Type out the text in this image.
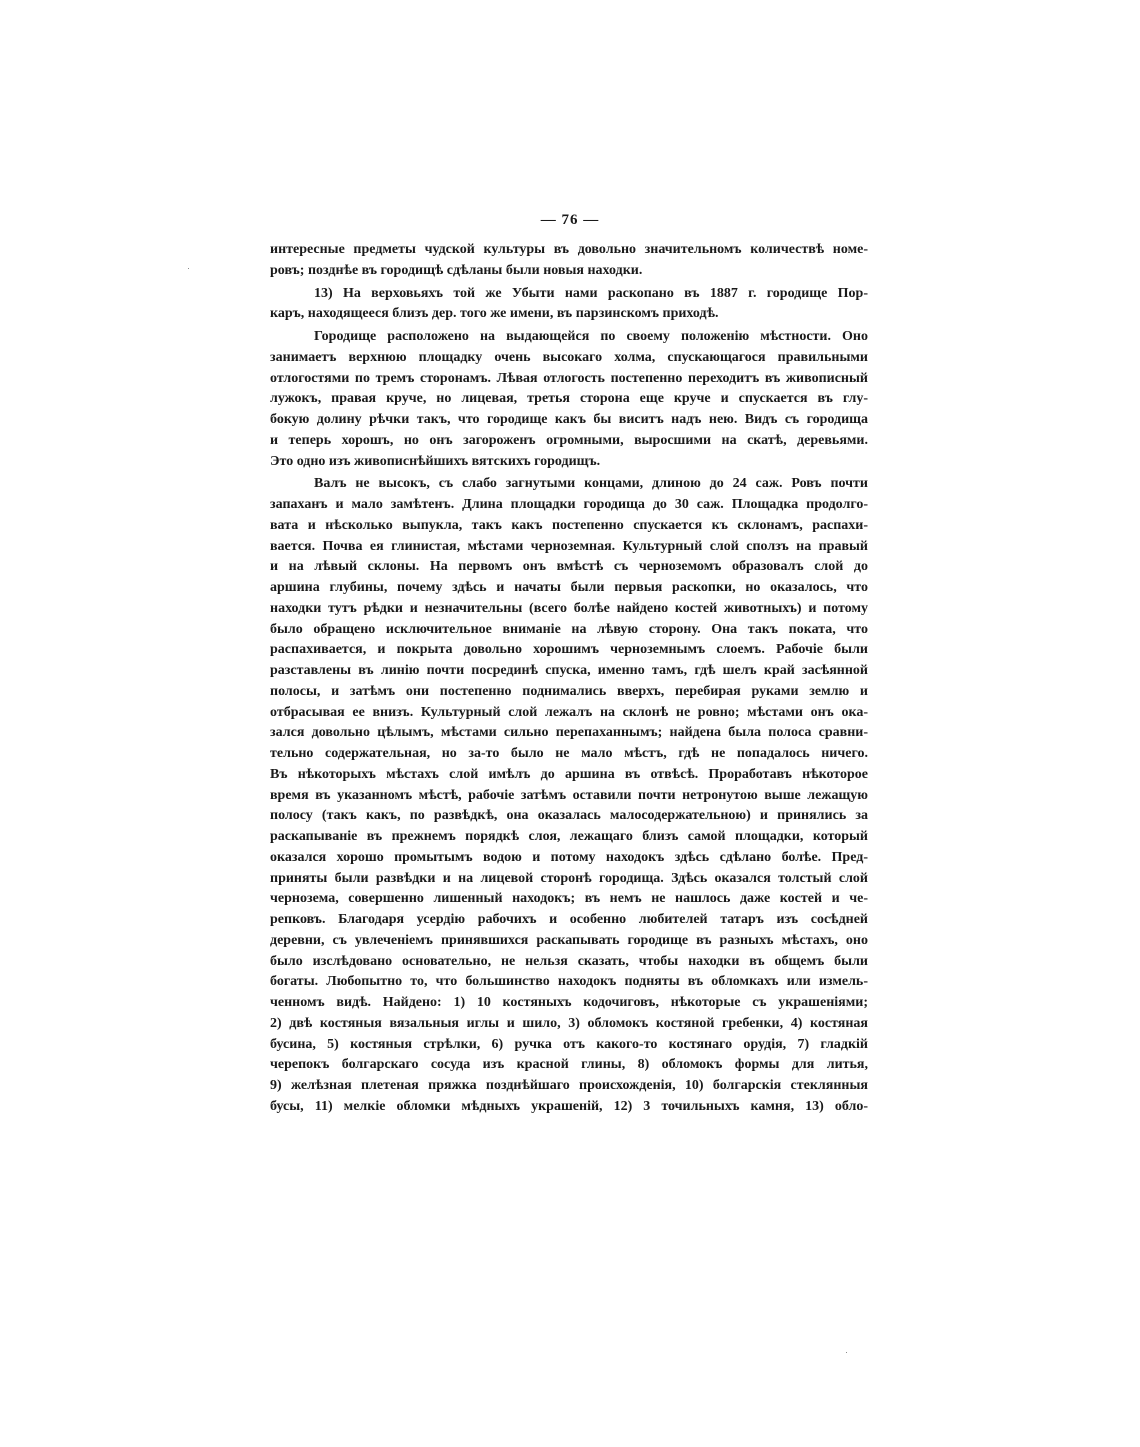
— 76 —
интересные предметы чудской культуры въ довольно значительномъ количествѣ номе-
ровъ; позднѣе въ городищѣ сдѣланы были новыя находки.
13) На верховьяхъ той же Убыти нами раскопано въ 1887 г. городище Пор-
каръ, находящееся близъ дер. того же имени, въ парзинскомъ приходѣ.
Городище расположено на выдающейся по своему положенію мѣстности. Оно
занимаетъ верхнюю площадку очень высокаго холма, спускающагося правильными
отлогостями по тремъ сторонамъ. Лѣвая отлогость постепенно переходитъ въ живописный
лужокъ, правая круче, но лицевая, третья сторона еще круче и спускается въ глу-
бокую долину рѣчки такъ, что городище какъ бы виситъ надъ нею. Видъ съ городища
и теперь хорошъ, но онъ загороженъ огромными, выросшими на скатѣ, деревьями.
Это одно изъ живописнѣйшихъ вятскихъ городищъ.
Валъ не высокъ, съ слабо загнутыми концами, длиною до 24 саж. Ровъ почти
запаханъ и мало замѣтенъ. Длина площадки городища до 30 саж. Площадка продолго-
вата и нѣсколько выпукла, такъ какъ постепенно спускается къ склонамъ, распахи-
вается. Почва ея глинистая, мѣстами черноземная. Культурный слой сползъ на правый
и на лѣвый склоны. На первомъ онъ вмѣстѣ съ черноземомъ образовалъ слой до
аршина глубины, почему здѣсь и начаты были первыя раскопки, но оказалось, что
находки тутъ рѣдки и незначительны (всего болѣе найдено костей животныхъ) и потому
было обращено исключительное вниманіе на лѣвую сторону. Она такъ поката, что
распахивается, и покрыта довольно хорошимъ черноземнымъ слоемъ. Рабочіе были
разставлены въ линію почти посрединѣ спуска, именно тамъ, гдѣ шелъ край засѣянной
полосы, и затѣмъ они постепенно поднимались вверхъ, перебирая руками землю и
отбрасывая ее внизъ. Культурный слой лежалъ на склонѣ не ровно; мѣстами онъ ока-
зался довольно цѣлымъ, мѣстами сильно перепаханнымъ; найдена была полоса сравни-
тельно содержательная, но за-то было не мало мѣстъ, гдѣ не попадалось ничего.
Въ нѣкоторыхъ мѣстахъ слой имѣлъ до аршина въ отвѣсѣ. Проработавъ нѣкоторое
время въ указанномъ мѣстѣ, рабочіе затѣмъ оставили почти нетронутою выше лежащую
полосу (такъ какъ, по развѣдкѣ, она оказалась малосодержательною) и принялись за
раскапываніе въ прежнемъ порядкѣ слоя, лежащаго близъ самой площадки, который
оказался хорошо промытымъ водою и потому находокъ здѣсь сдѣлано болѣе. Пред-
приняты были развѣдки и на лицевой сторонѣ городища. Здѣсь оказался толстый слой
чернозема, совершенно лишенный находокъ; въ немъ не нашлось даже костей и че-
репковъ. Благодаря усердію рабочихъ и особенно любителей татаръ изъ сосѣдней
деревни, съ увлеченіемъ принявшихся раскапывать городище въ разныхъ мѣстахъ, оно
было изслѣдовано основательно, не нельзя сказать, чтобы находки въ общемъ были
богаты. Любопытно то, что большинство находокъ подняты въ обломкахъ или измель-
ченномъ видѣ. Найдено: 1) 10 костяныхъ кодочиговъ, нѣкоторые съ украшеніями;
2) двѣ костяныя вязальныя иглы и шило, 3) обломокъ костяной гребенки, 4) костяная
бусина, 5) костяныя стрѣлки, 6) ручка отъ какого-то костянаго орудія, 7) гладкій
черепокъ болгарскаго сосуда изъ красной глины, 8) обломокъ формы для литья,
9) желѣзная плетеная пряжка позднѣйшаго происхожденія, 10) болгарскія стеклянныя
бусы, 11) мелкіе обломки мѣдныхъ украшеній, 12) 3 точильныхъ камня, 13) обло-
